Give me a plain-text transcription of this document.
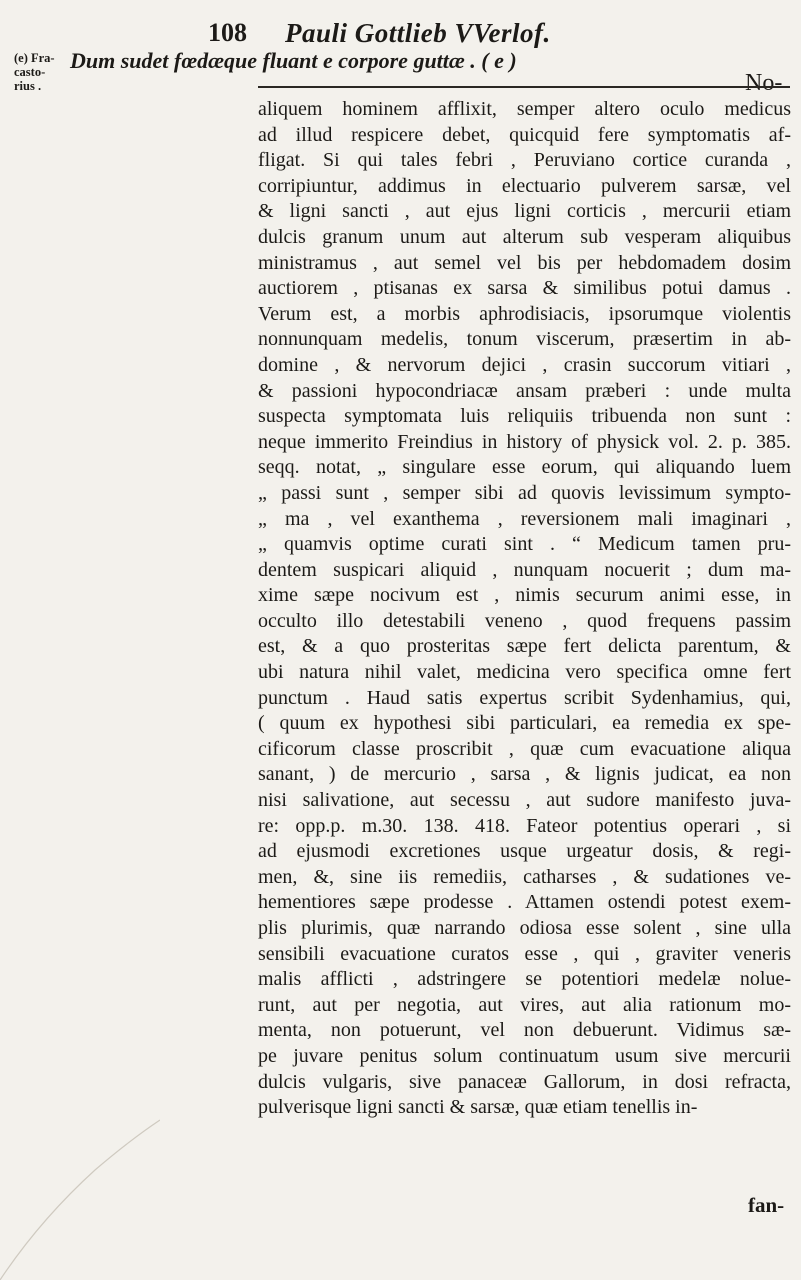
108 Pauli Gottlieb VVerlof.
(e) Fra-
castо-
rius .
Dum sudet fœdæque fluant e corpore guttæ . ( e )
No-
aliquem hominem afflixit, semper altero oculo medicus
ad illud respicere debet, quicquid fere symptomatis af-
fligat. Si qui tales febri , Peruviano cortice curanda ,
corripiuntur, addimus in electuario pulverem sarsæ, vel
& ligni sancti , aut ejus ligni corticis , mercurii etiam
dulcis granum unum aut alterum sub vesperam aliquibus
ministramus , aut semel vel bis per hebdomadem dosim
auctiorem , ptisanas ex sarsa & similibus potui damus .
Verum est, a morbis aphrodisiacis, ipsorumque violentis
nonnunquam medelis, tonum viscerum, præsertim in ab-
domine , & nervorum dejici , crasin succorum vitiari ,
& passioni hypocondriacæ ansam præberi : unde multa
suspecta symptomata luis reliquiis tribuenda non sunt :
neque immerito Freindius in history of physick vol. 2. p. 385.
seqq. notat, „ singulare esse eorum, qui aliquando luem
„ passi sunt , semper sibi ad quovis levissimum sympto-
„ ma , vel exanthema , reversionem mali imaginari ,
„ quamvis optime curati sint . “ Medicum tamen pru-
dentem suspicari aliquid , nunquam nocuerit ; dum ma-
xime sæpe nocivum est , nimis securum animi esse, in
occulto illo detestabili veneno , quod frequens passim
est, & a quo prosteritas sæpe fert delicta parentum, &
ubi natura nihil valet, medicina vero specifica omne fert
punctum . Haud satis expertus scribit Sydenhamius, qui,
( quum ex hypothesi sibi particulari, ea remedia ex spe-
cificorum classe proscribit , quæ cum evacuatione aliqua
sanant, ) de mercurio , sarsa , & lignis judicat, ea non
nisi salivatione, aut secessu , aut sudore manifesto juva-
re: opp.p. m.30. 138. 418. Fateor potentius operari , si
ad ejusmodi excretiones usque urgeatur dosis, & regi-
men, &, sine iis remediis, catharses , & sudationes ve-
hementiores sæpe prodesse . Attamen ostendi potest exem-
plis plurimis, quæ narrando odiosa esse solent , sine ulla
sensibili evacuatione curatos esse , qui , graviter veneris
malis afflicti , adstringere se potentiori medelæ nolue-
runt, aut per negotia, aut vires, aut alia rationum mo-
menta, non potuerunt, vel non debuerunt. Vidimus sæ-
pe juvare penitus solum continuatum usum sive mercurii
dulcis vulgaris, sive panaceæ Gallorum, in dosi refracta,
pulverisque ligni sancti & sarsæ, quæ etiam tenellis in-
fan-
